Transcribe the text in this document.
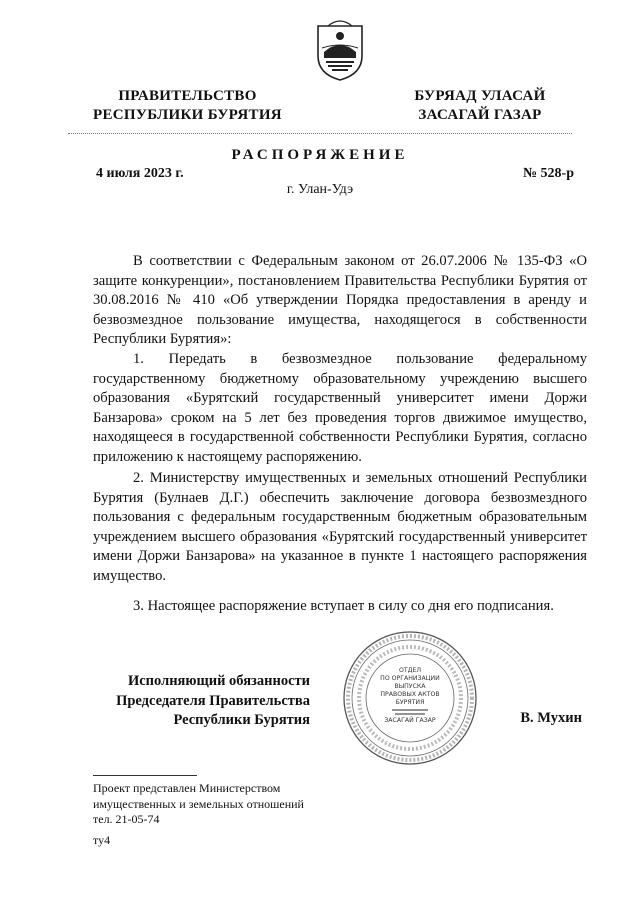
ПРАВИТЕЛЬСТВО
РЕСПУБЛИКИ БУРЯТИЯ
БУРЯАД УЛАСАЙ
ЗАСАГАЙ ГАЗАР
РАСПОРЯЖЕНИЕ
4 июля 2023 г.	№ 528-р
г. Улан-Удэ

В соответствии с Федеральным законом от 26.07.2006 № 135-ФЗ «О защите конкуренции», постановлением Правительства Республики Бурятия от 30.08.2016 № 410 «Об утверждении Порядка предоставления в аренду и безвозмездное пользование имущества, находящегося в собственности Республики Бурятия»:

1. Передать в безвозмездное пользование федеральному государственному бюджетному образовательному учреждению высшего образования «Бурятский государственный университет имени Доржи Банзарова» сроком на 5 лет без проведения торгов движимое имущество, находящееся в государственной собственности Республики Бурятия, согласно приложению к настоящему распоряжению.

2. Министерству имущественных и земельных отношений Республики Бурятия (Булнаев Д.Г.) обеспечить заключение договора безвозмездного пользования с федеральным государственным бюджетным образовательным учреждением высшего образования «Бурятский государственный университет имени Доржи Банзарова» на указанное в пункте 1 настоящего распоряжения имущество.

3. Настоящее распоряжение вступает в силу со дня его подписания.

Исполняющий обязанности
Председателя Правительства
Республики Бурятия
ОТДЕЛ
ПО ОРГАНИЗАЦИИ
ВЫПУСКА
ПРАВОВЫХ АКТОВ
БУРЯТИЯ
ЗАСАГАЙ ГАЗАР	В. Мухин
Проект представлен Министерством
имущественных и земельных отношений
тел. 21-05-74
ту4
